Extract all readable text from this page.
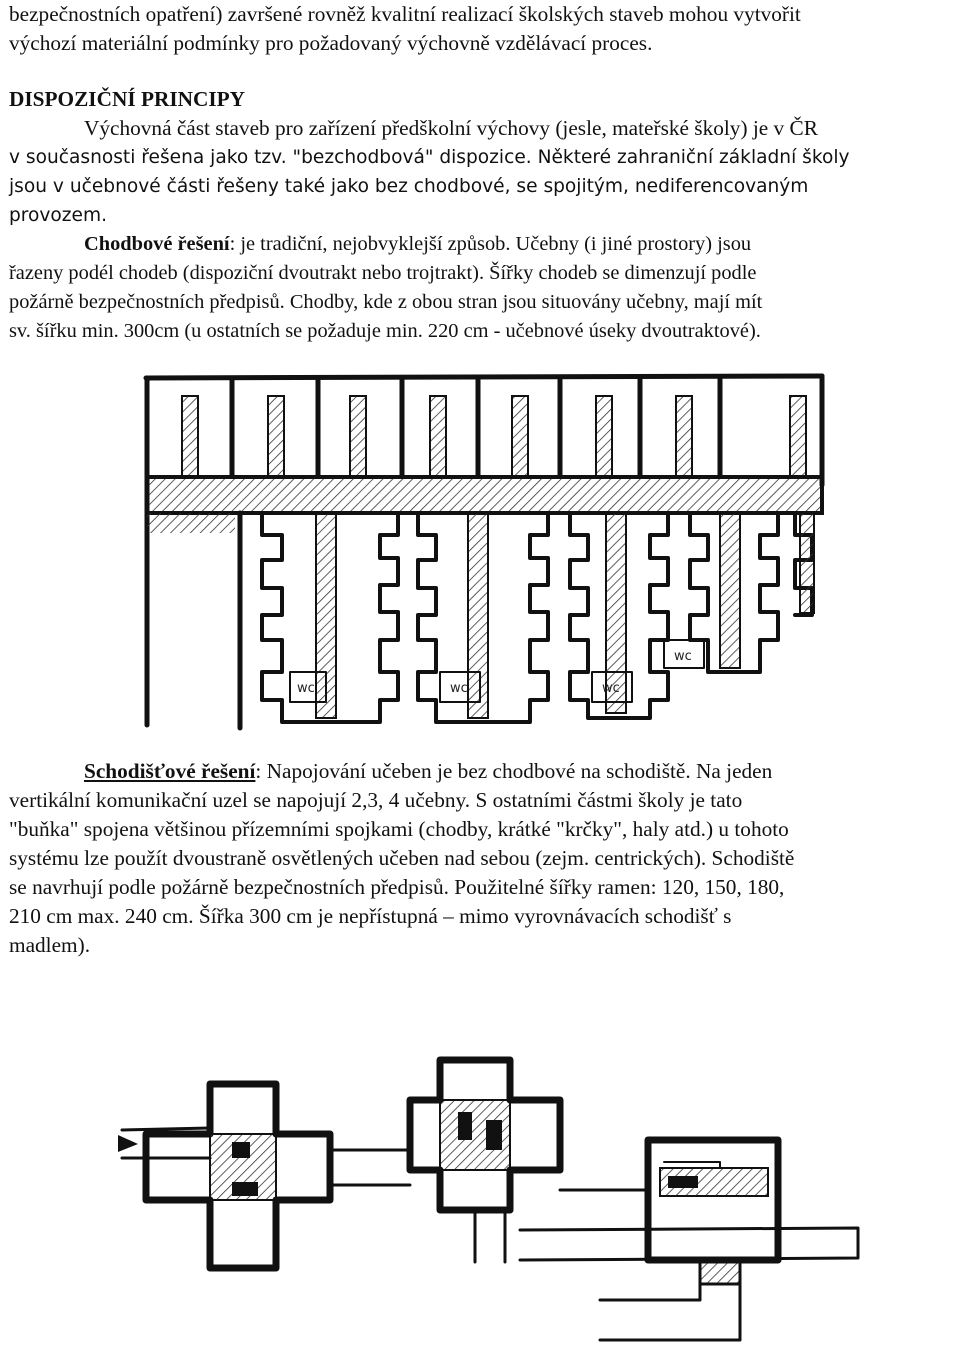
bezpečnostních opatření) završené rovněž kvalitní realizací školských staveb mohou vytvořit
výchozí materiální podmínky pro požadovaný výchovně vzdělávací proces.
DISPOZIČNÍ PRINCIPY
Výchovná část staveb pro zařízení předškolní výchovy (jesle, mateřské školy) je v ČR
v současnosti řešena jako tzv. "bezchodbová" dispozice. Některé zahraniční základní školy
jsou v učebnové části řešeny také jako bez chodbové, se spojitým, nediferencovaným
provozem.
Chodbové řešení: je tradiční, nejobvyklejší způsob. Učebny (i jiné prostory) jsou
řazeny podél chodeb (dispoziční dvoutrakt nebo trojtrakt). Šířky chodeb se dimenzují podle
požárně bezpečnostních předpisů. Chodby, kde z obou stran jsou situovány učebny, mají mít
sv. šířku min. 300cm (u ostatních se požaduje min. 220 cm - učebnové úseky dvoutraktové).
wc	wc	wc
wc
Schodišťové řešení: Napojování učeben je bez chodbové na schodiště. Na jeden
vertikální komunikační uzel se napojují 2,3, 4 učebny. S ostatními částmi školy je tato
"buňka" spojena většinou přízemními spojkami (chodby, krátké "krčky", haly atd.) u tohoto
systému lze použít dvoustraně osvětlených učeben nad sebou (zejm. centrických). Schodiště
se navrhují podle požárně bezpečnostních předpisů. Použitelné šířky ramen: 120, 150, 180,
210 cm max. 240 cm. Šířka 300 cm je nepřístupná – mimo vyrovnávacích schodišť s
madlem).
